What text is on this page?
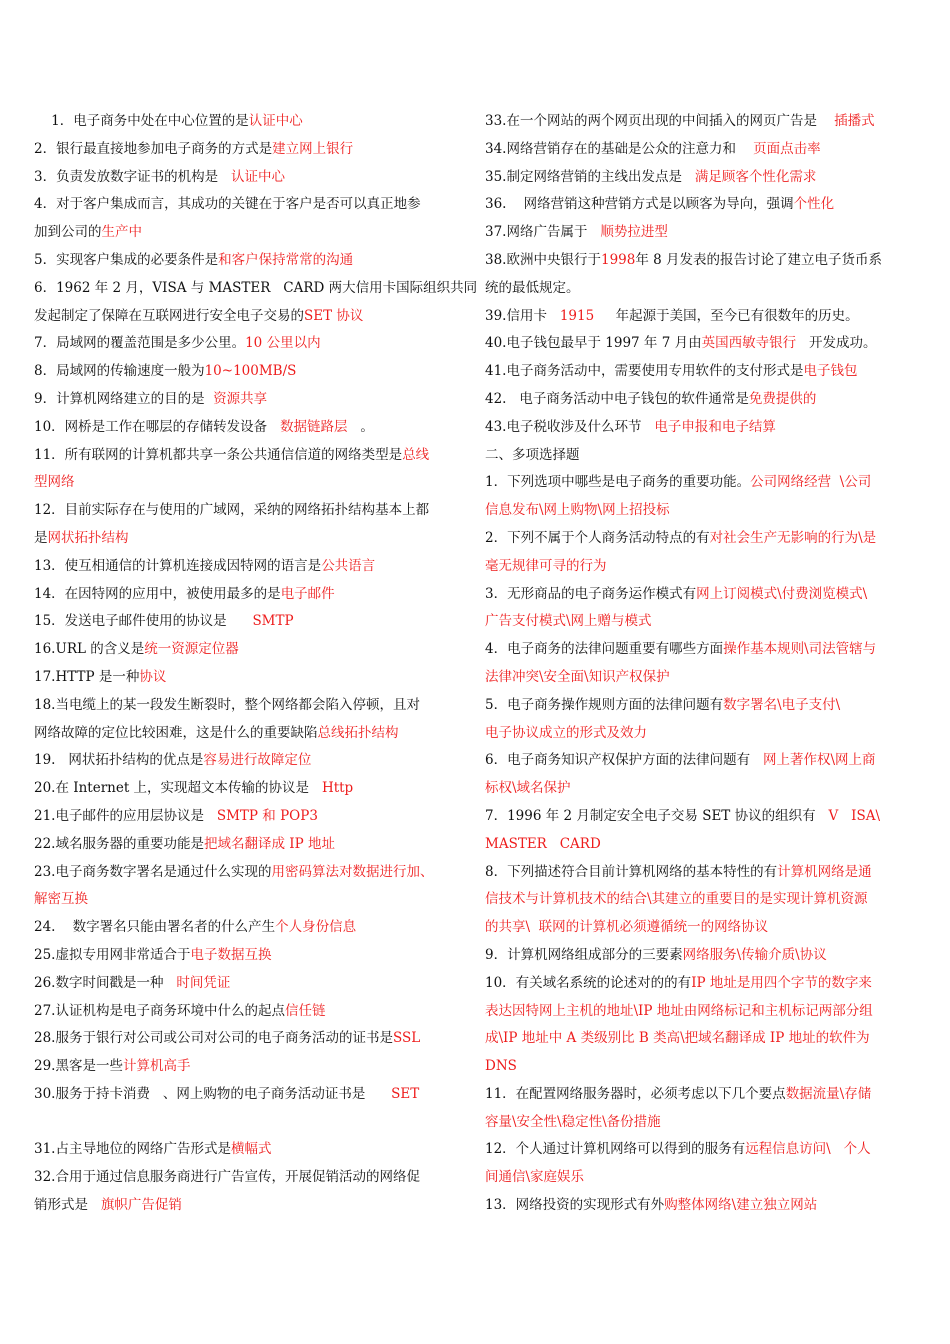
1．电子商务中处在中心位置的是认证中心
2．银行最直接地参加电子商务的方式是建立网上银行
3．负责发放数字证书的机构是   认证中心
4．对于客户集成而言，其成功的关键在于客户是否可以真正地参
加到公司的生产中
5．实现客户集成的必要条件是和客户保持常常的沟通
6．1962 年 2 月，VISA 与 MASTER   CARD 两大信用卡国际组织共同
发起制定了保障在互联网进行安全电子交易的SET 协议
7．局域网的覆盖范围是多少公里。10 公里以内
8．局域网的传输速度一般为10~100MB/S
9．计算机网络建立的目的是  资源共享
10．网桥是工作在哪层的存储转发设备   数据链路层   。
11．所有联网的计算机都共享一条公共通信信道的网络类型是总线
型网络
12．目前实际存在与使用的广域网，采纳的网络拓扑结构基本上都
是网状拓扑结构
13．使互相通信的计算机连接成因特网的语言是公共语言
14．在因特网的应用中，被使用最多的是电子邮件
15．发送电子邮件使用的协议是      SMTP
16.URL 的含义是统一资源定位器
17.HTTP 是一种协议
18.当电缆上的某一段发生断裂时，整个网络都会陷入停顿，且对
网络故障的定位比较困难，这是什么的重要缺陷总线拓扑结构
19.   网状拓扑结构的优点是容易进行故障定位
20.在 Internet 上，实现超文本传输的协议是   Http
21.电子邮件的应用层协议是   SMTP 和 POP3
22.域名服务器的重要功能是把域名翻译成 IP 地址
23.电子商务数字署名是通过什么实现的用密码算法对数据进行加、
解密互换
24.    数字署名只能由署名者的什么产生个人身份信息
25.虚拟专用网非常适合于电子数据互换
26.数字时间戳是一种   时间凭证
27.认证机构是电子商务环境中什么的起点信任链
28.服务于银行对公司或公司对公司的电子商务活动的证书是SSL
29.黑客是一些计算机高手
30.服务于持卡消费   、网上购物的电子商务活动证书是      SET
31.占主导地位的网络广告形式是横幅式
32.合用于通过信息服务商进行广告宣传，开展促销活动的网络促
销形式是   旗帜广告促销
33.在一个网站的两个网页出现的中间插入的网页广告是    插播式
34.网络营销存在的基础是公众的注意力和    页面点击率
35.制定网络营销的主线出发点是   满足顾客个性化需求
36.    网络营销这种营销方式是以顾客为导向，强调个性化
37.网络广告属于   顺势拉进型
38.欧洲中央银行于1998年 8 月发表的报告讨论了建立电子货币系
统的最低规定。
39.信用卡   1915     年起源于美国，至今已有很数年的历史。
40.电子钱包最早于 1997 年 7 月由英国西敏寺银行   开发成功。
41.电子商务活动中，需要使用专用软件的支付形式是电子钱包
42.   电子商务活动中电子钱包的软件通常是免费提供的
43.电子税收涉及什么环节   电子申报和电子结算
二、多项选择题
1．下列选项中哪些是电子商务的重要功能。公司网络经营  \公司
信息发布\网上购物\网上招投标
2．下列不属于个人商务活动特点的有对社会生产无影响的行为\是
毫无规律可寻的行为
3．无形商品的电子商务运作模式有网上订阅模式\付费浏览模式\
广告支付模式\网上赠与模式
4．电子商务的法律问题重要有哪些方面操作基本规则\司法管辖与
法律冲突\安全面\知识产权保护
5．电子商务操作规则方面的法律问题有数字署名\电子支付\
电子协议成立的形式及效力
6．电子商务知识产权保护方面的法律问题有   网上著作权\网上商
标权\域名保护
7．1996 年 2 月制定安全电子交易 SET 协议的组织有   V   ISA\
MASTER   CARD
8．下列描述符合目前计算机网络的基本特性的有计算机网络是通
信技术与计算机技术的结合\其建立的重要目的是实现计算机资源
的共享\  联网的计算机必须遵循统一的网络协议
9．计算机网络组成部分的三要素网络服务\传输介质\协议
10．有关域名系统的论述对的的有IP 地址是用四个字节的数字来
表达因特网上主机的地址\IP 地址由网络标记和主机标记两部分组
成\IP 地址中 A 类级别比 B 类高\把域名翻译成 IP 地址的软件为
DNS
11．在配置网络服务器时，必须考虑以下几个要点数据流量\存储
容量\安全性\稳定性\备份措施
12．个人通过计算机网络可以得到的服务有远程信息访问\   个人
间通信\家庭娱乐
13．网络投资的实现形式有外购整体网络\建立独立网站
